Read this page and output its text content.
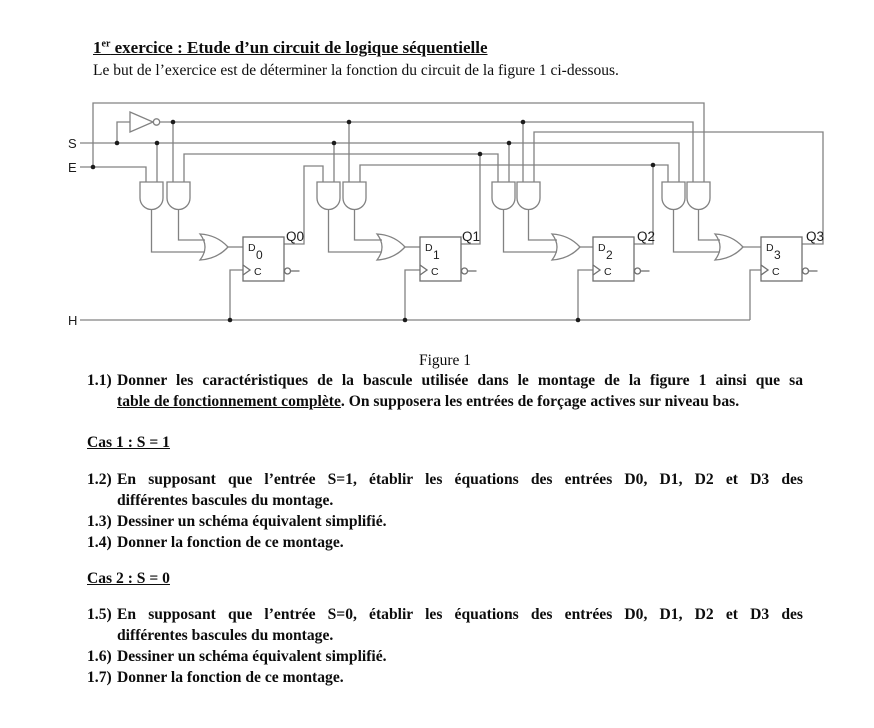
1er exercice : Etude d’un circuit de logique séquentielle
Le but de l’exercice est de déterminer la fonction du circuit de la figure 1 ci-dessous.
S
E
H
D 0
C
Q0
D 1
C
Q1
D 2
C
Q2
D 3
C
Q3
Figure 1
1.1) Donner les caractéristiques de la bascule utilisée dans le montage de la figure 1 ainsi que sa
table de fonctionnement complète. On supposera les entrées de forçage actives sur niveau bas.
Cas 1 : S = 1
1.2) En supposant que l’entrée S=1, établir les équations des entrées D0, D1, D2 et D3 des
différentes bascules du montage.
1.3) Dessiner un schéma équivalent simplifié.
1.4) Donner la fonction de ce montage.
Cas 2 : S = 0
1.5) En supposant que l’entrée S=0, établir les équations des entrées D0, D1, D2 et D3 des
différentes bascules du montage.
1.6) Dessiner un schéma équivalent simplifié.
1.7) Donner la fonction de ce montage.
